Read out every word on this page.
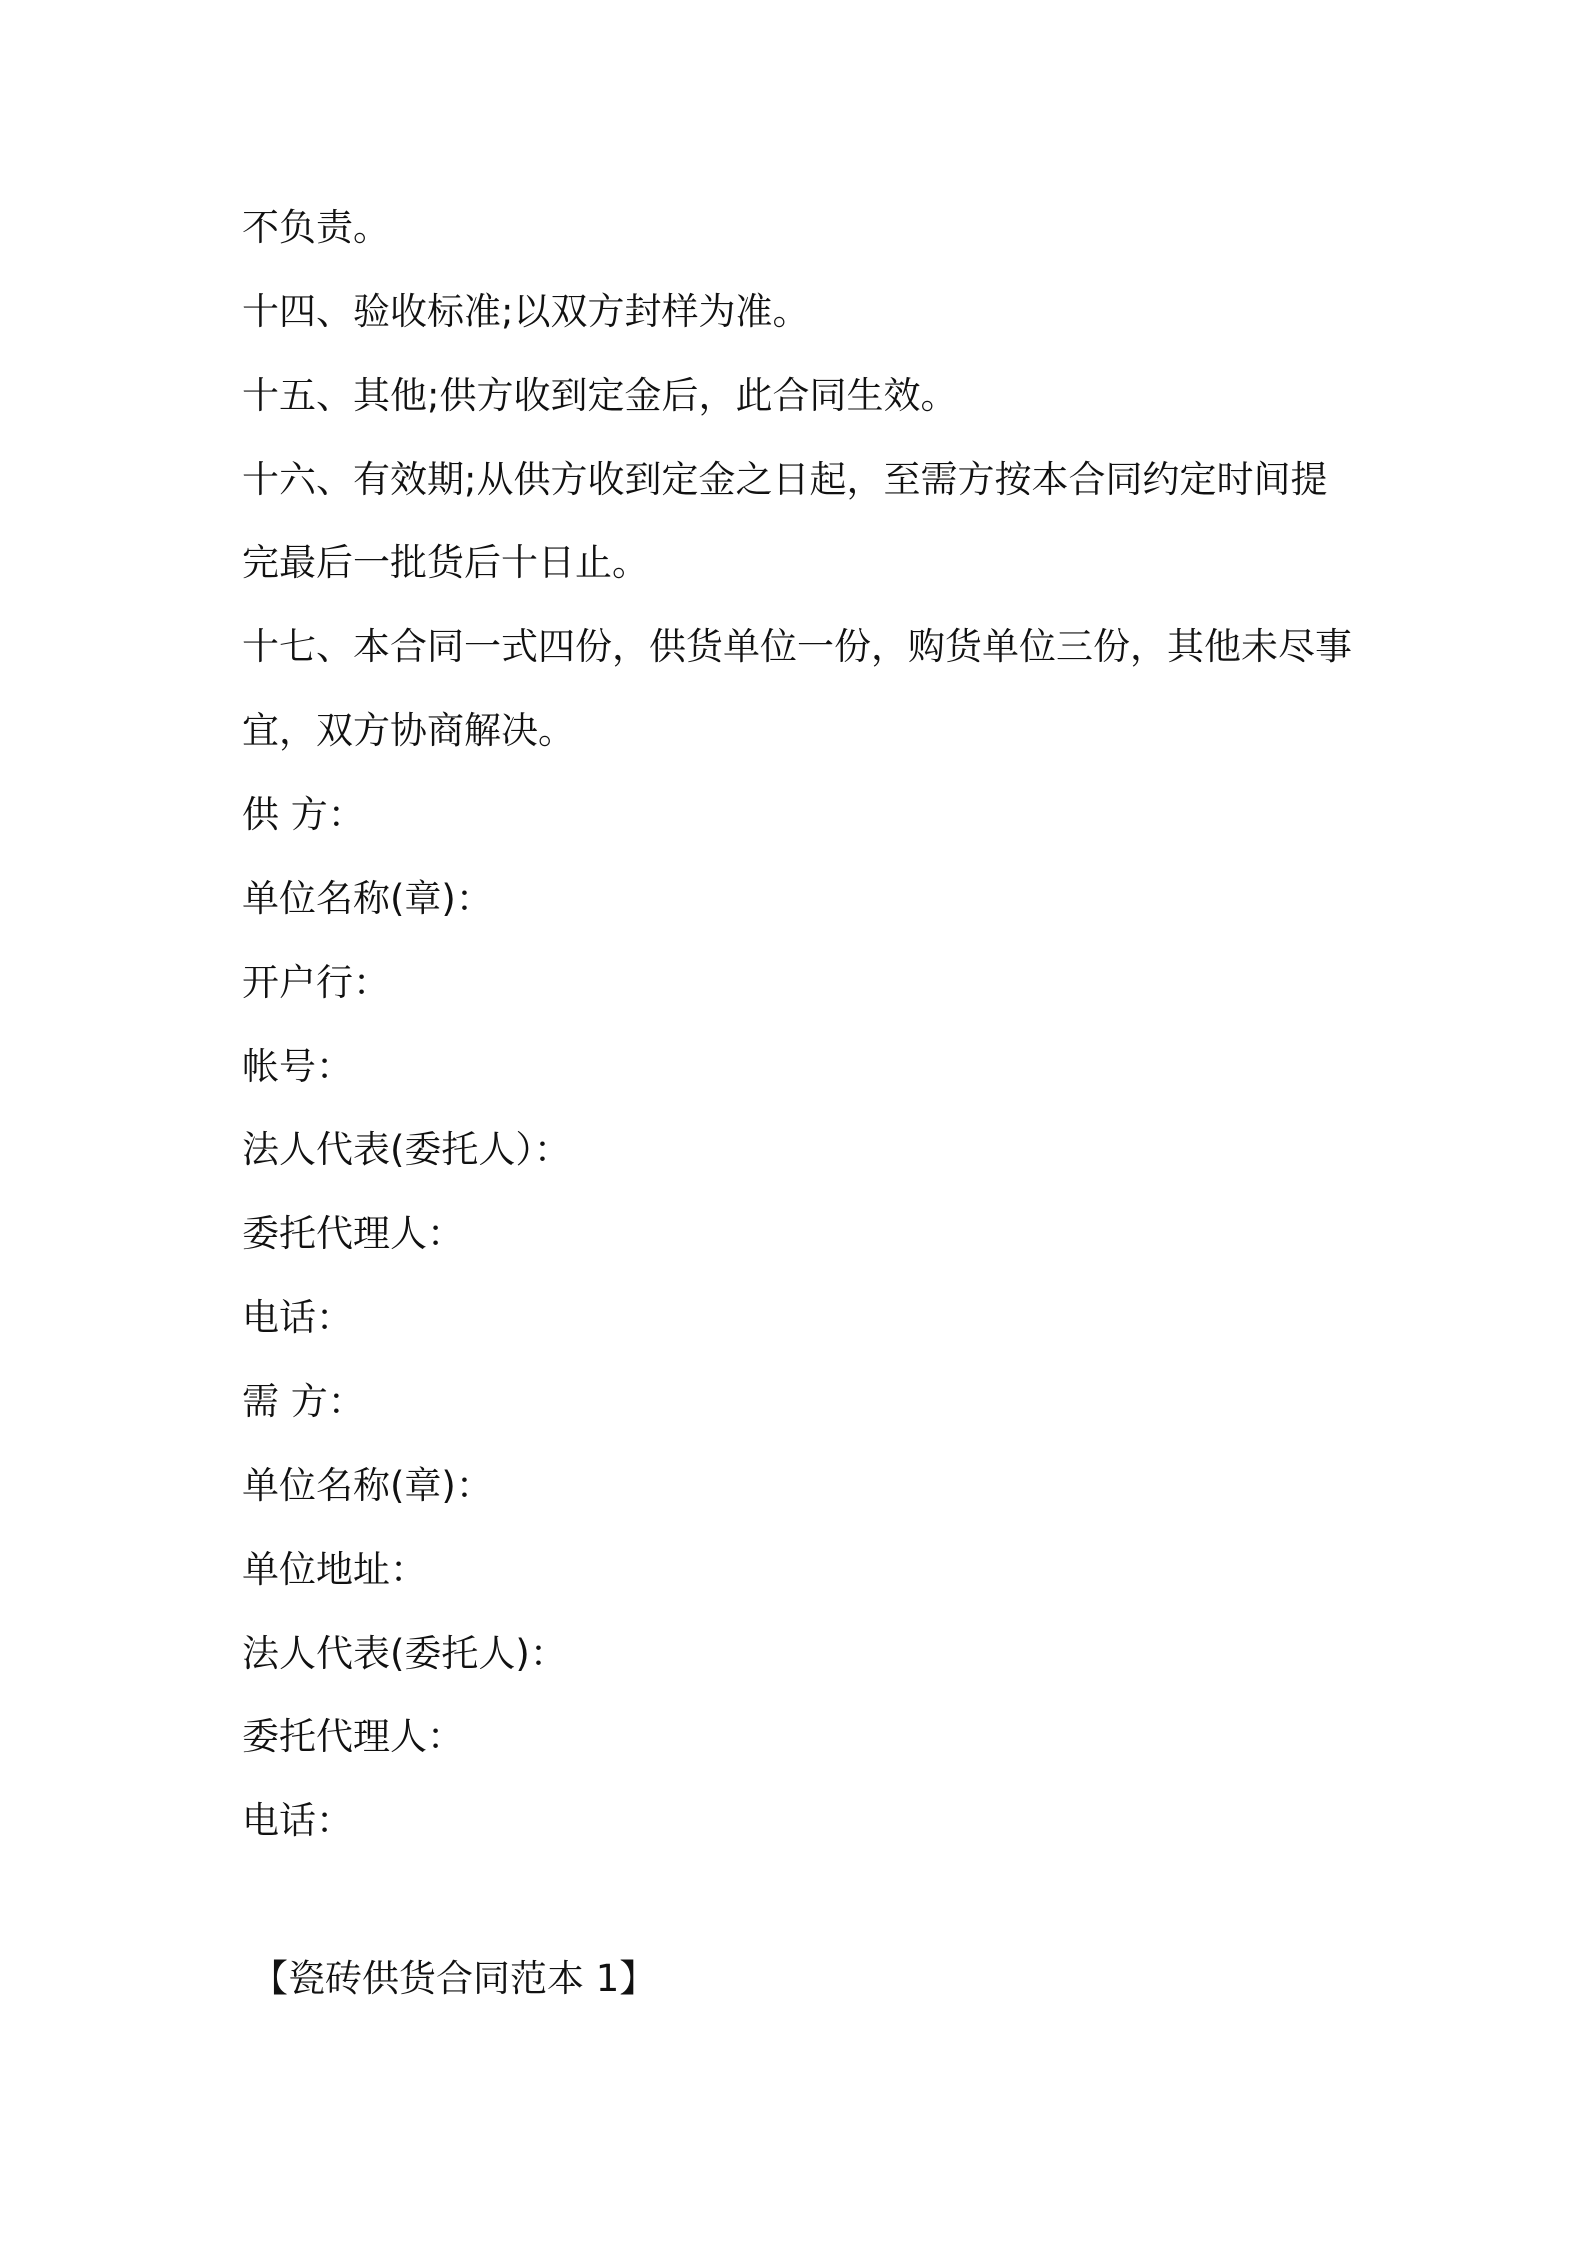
不负责。

十四、验收标准;以双方封样为准。

十五、其他;供方收到定金后，此合同生效。

十六、有效期;从供方收到定金之日起，至需方按本合同约定时间提

完最后一批货后十日止。

十七、本合同一式四份，供货单位一份，购货单位三份，其他未尽事

宜，双方协商解决。

供 方：

单位名称(章)：

开户行：

帐号：

法人代表(委托人）：

委托代理人：

电话：

需 方：

单位名称(章)：

单位地址：

法人代表(委托人)：

委托代理人：

电话：

【瓷砖供货合同范本 1】
